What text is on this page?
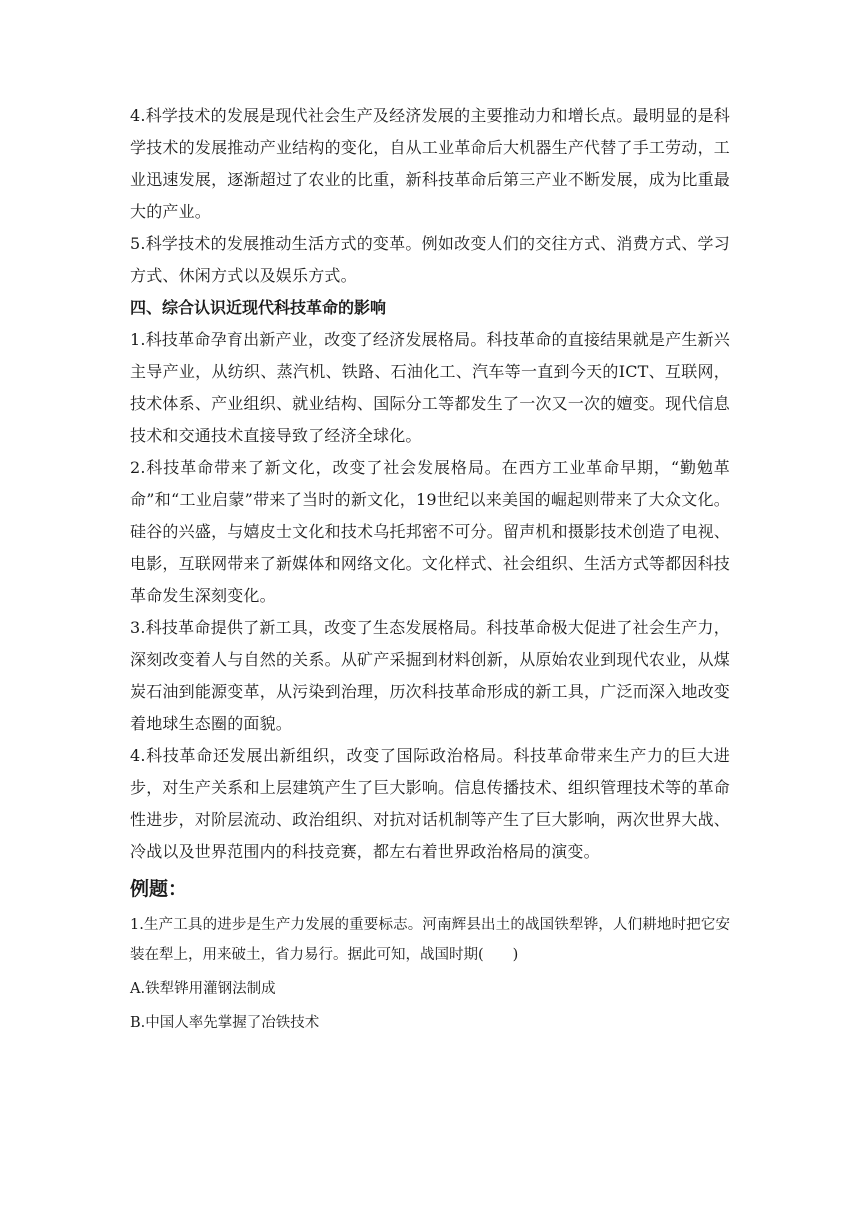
4.科学技术的发展是现代社会生产及经济发展的主要推动力和增长点。最明显的是科学技术的发展推动产业结构的变化，自从工业革命后大机器生产代替了手工劳动，工业迅速发展，逐渐超过了农业的比重，新科技革命后第三产业不断发展，成为比重最大的产业。

5.科学技术的发展推动生活方式的变革。例如改变人们的交往方式、消费方式、学习方式、休闲方式以及娱乐方式。

四、综合认识近现代科技革命的影响

1.科技革命孕育出新产业，改变了经济发展格局。科技革命的直接结果就是产生新兴主导产业，从纺织、蒸汽机、铁路、石油化工、汽车等一直到今天的ICT、互联网，技术体系、产业组织、就业结构、国际分工等都发生了一次又一次的嬗变。现代信息技术和交通技术直接导致了经济全球化。

2.科技革命带来了新文化，改变了社会发展格局。在西方工业革命早期，“勤勉革命”和“工业启蒙”带来了当时的新文化，19世纪以来美国的崛起则带来了大众文化。硅谷的兴盛，与嬉皮士文化和技术乌托邦密不可分。留声机和摄影技术创造了电视、电影，互联网带来了新媒体和网络文化。文化样式、社会组织、生活方式等都因科技革命发生深刻变化。

3.科技革命提供了新工具，改变了生态发展格局。科技革命极大促进了社会生产力，深刻改变着人与自然的关系。从矿产采掘到材料创新，从原始农业到现代农业，从煤炭石油到能源变革，从污染到治理，历次科技革命形成的新工具，广泛而深入地改变着地球生态圈的面貌。

4.科技革命还发展出新组织，改变了国际政治格局。科技革命带来生产力的巨大进步，对生产关系和上层建筑产生了巨大影响。信息传播技术、组织管理技术等的革命性进步，对阶层流动、政治组织、对抗对话机制等产生了巨大影响，两次世界大战、冷战以及世界范围内的科技竞赛，都左右着世界政治格局的演变。

例题：

1.生产工具的进步是生产力发展的重要标志。河南辉县出土的战国铁犁铧，人们耕地时把它安装在犁上，用来破土，省力易行。据此可知，战国时期(　　)

A.铁犁铧用灌钢法制成

B.中国人率先掌握了冶铁技术
